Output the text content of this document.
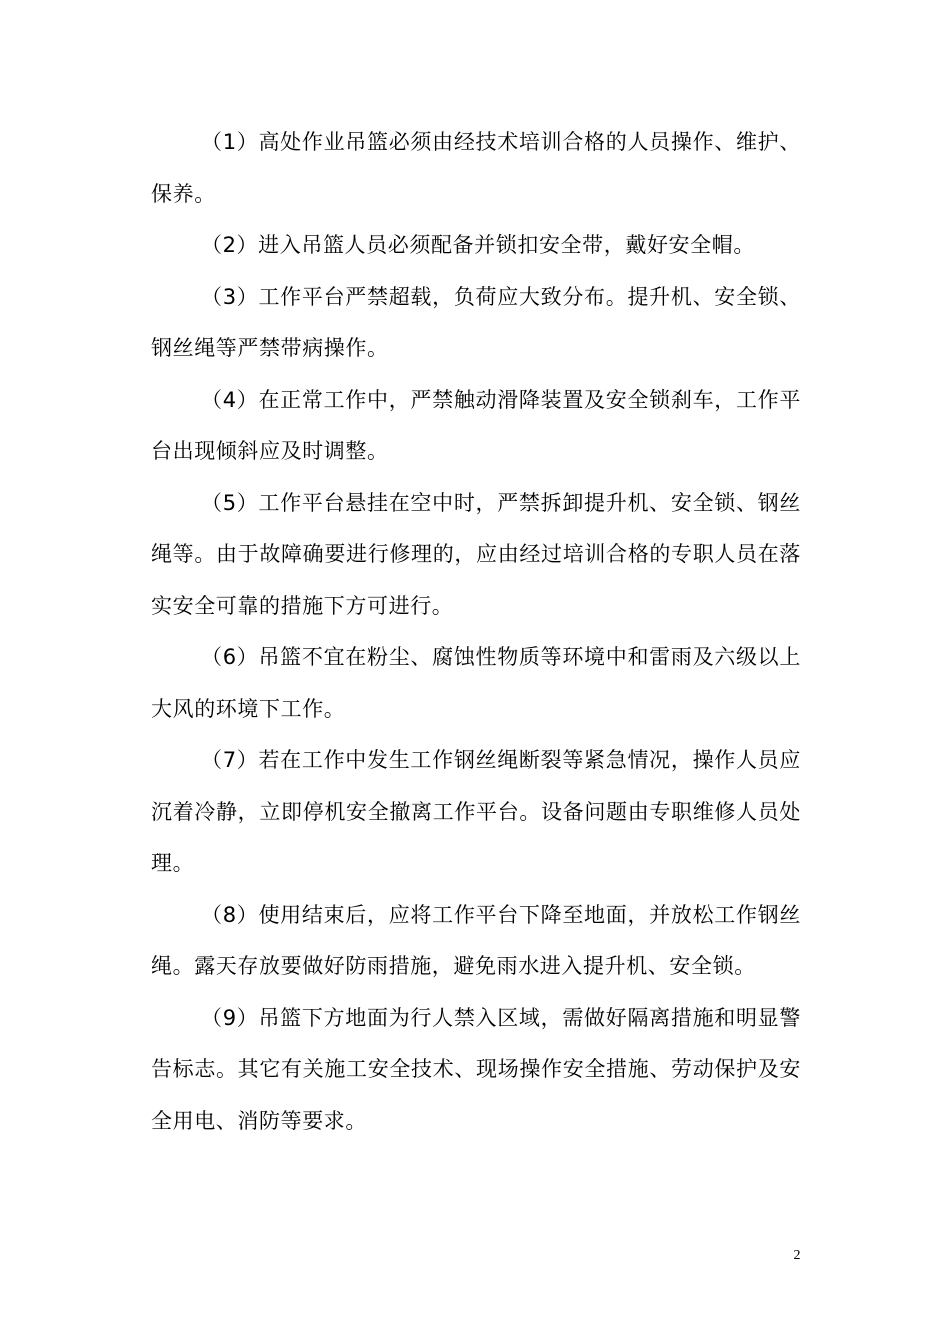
（1）高处作业吊篮必须由经技术培训合格的人员操作、维护、保养。

（2）进入吊篮人员必须配备并锁扣安全带，戴好安全帽。

（3）工作平台严禁超载，负荷应大致分布。提升机、安全锁、钢丝绳等严禁带病操作。

（4）在正常工作中，严禁触动滑降装置及安全锁刹车，工作平台出现倾斜应及时调整。

（5）工作平台悬挂在空中时，严禁拆卸提升机、安全锁、钢丝绳等。由于故障确要进行修理的，应由经过培训合格的专职人员在落实安全可靠的措施下方可进行。

（6）吊篮不宜在粉尘、腐蚀性物质等环境中和雷雨及六级以上大风的环境下工作。

（7）若在工作中发生工作钢丝绳断裂等紧急情况，操作人员应沉着冷静，立即停机安全撤离工作平台。设备问题由专职维修人员处理。

（8）使用结束后，应将工作平台下降至地面，并放松工作钢丝绳。露天存放要做好防雨措施，避免雨水进入提升机、安全锁。

（9）吊篮下方地面为行人禁入区域，需做好隔离措施和明显警告标志。其它有关施工安全技术、现场操作安全措施、劳动保护及安全用电、消防等要求。

2
